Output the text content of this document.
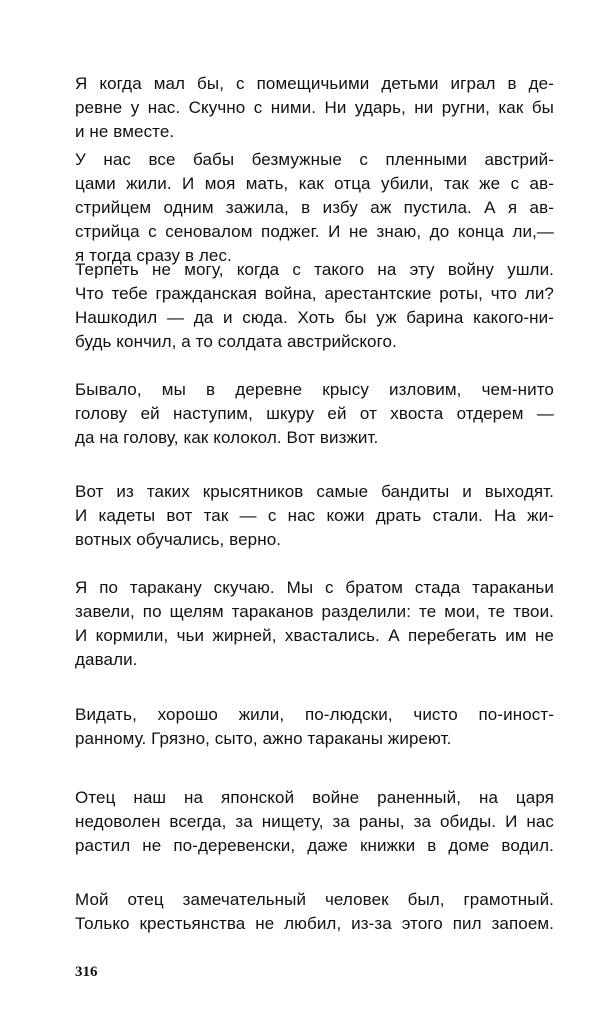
Я когда мал бы, с помещичьими детьми играл в де-
ревне у нас. Скучно с ними. Ни ударь, ни ругни, как бы
и не вместе.
У нас все бабы безмужные с пленными австрий-
цами жили. И моя мать, как отца убили, так же с ав-
стрийцем одним зажила, в избу аж пустила. А я ав-
стрийца с сеновалом поджег. И не знаю, до конца ли,—
я тогда сразу в лес.
Терпеть не могу, когда с такого на эту войну ушли.
Что тебе гражданская война, арестантские роты, что ли?
Нашкодил — да и сюда. Хоть бы уж барина какого-ни-
будь кончил, а то солдата австрийского.
Бывало, мы в деревне крысу изловим, чем-нито
голову ей наступим, шкуру ей от хвоста отдерем —
да на голову, как колокол. Вот визжит.
Вот из таких крысятников самые бандиты и выходят.
И кадеты вот так — с нас кожи драть стали. На жи-
вотных обучались, верно.
Я по таракану скучаю. Мы с братом стада тараканьи
завели, по щелям тараканов разделили: те мои, те твои.
И кормили, чьи жирней, хвастались. А перебегать им не
давали.
Видать, хорошо жили, по-людски, чисто по-иност-
ранному. Грязно, сыто, ажно тараканы жиреют.
Отец наш на японской войне раненный, на царя
недоволен всегда, за нищету, за раны, за обиды. И нас
растил не по-деревенски, даже книжки в доме водил.
Мой отец замечательный человек был, грамотный.
Только крестьянства не любил, из-за этого пил запоем.
316
